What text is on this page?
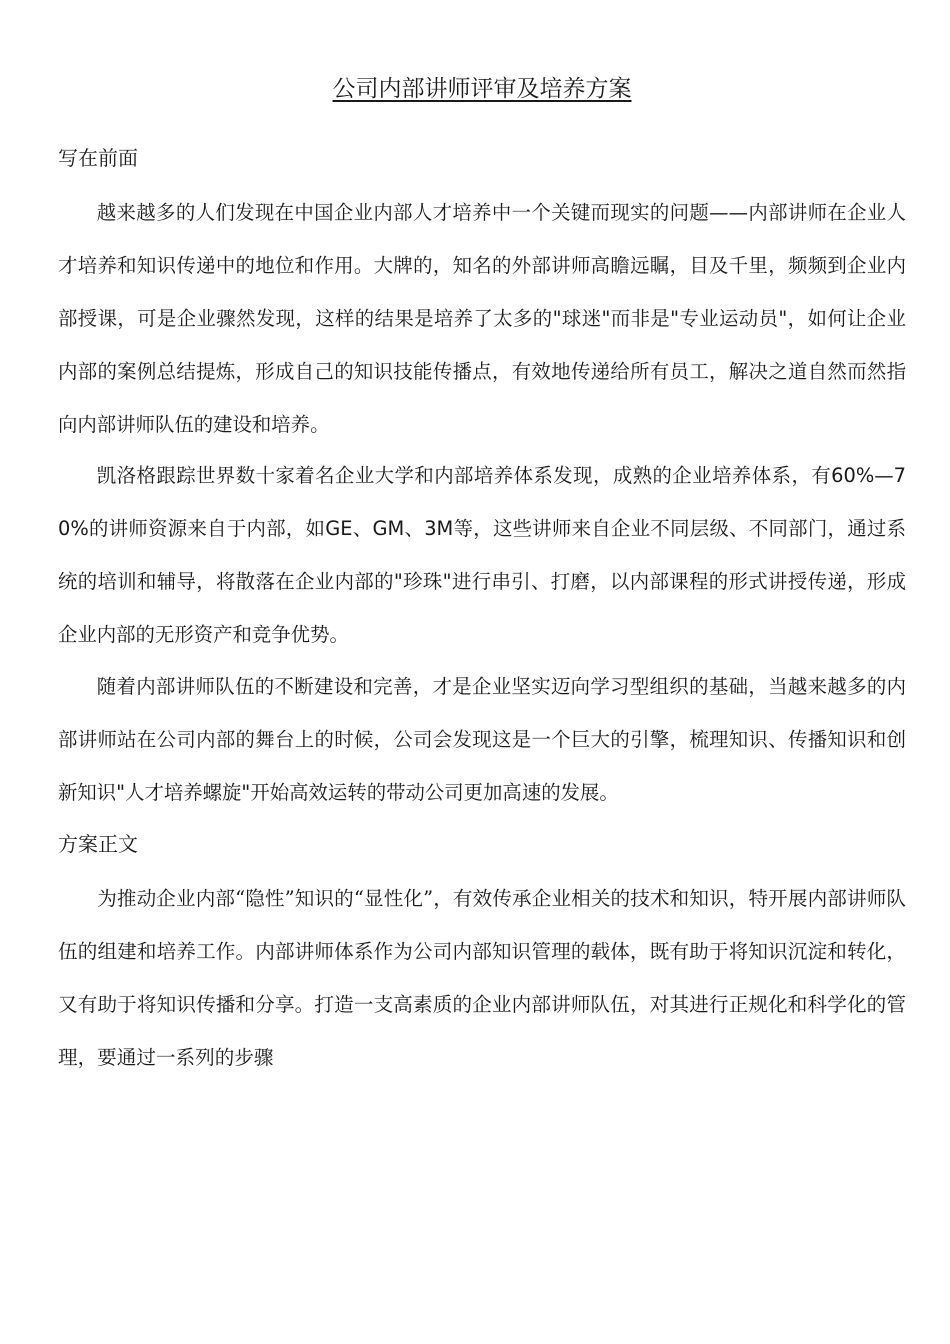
公司内部讲师评审及培养方案
写在前面

越来越多的人们发现在中国企业内部人才培养中一个关键而现实的问题——内部讲师在企业人才培养和知识传递中的地位和作用。大牌的，知名的外部讲师高瞻远瞩，目及千里，频频到企业内部授课，可是企业骤然发现，这样的结果是培养了太多的"球迷"而非是"专业运动员"，如何让企业内部的案例总结提炼，形成自己的知识技能传播点，有效地传递给所有员工，解决之道自然而然指向内部讲师队伍的建设和培养。

凯洛格跟踪世界数十家着名企业大学和内部培养体系发现，成熟的企业培养体系，有60%—70%的讲师资源来自于内部，如GE、GM、3M等，这些讲师来自企业不同层级、不同部门，通过系统的培训和辅导，将散落在企业内部的"珍珠"进行串引、打磨，以内部课程的形式讲授传递，形成企业内部的无形资产和竞争优势。

随着内部讲师队伍的不断建设和完善，才是企业坚实迈向学习型组织的基础，当越来越多的内部讲师站在公司内部的舞台上的时候，公司会发现这是一个巨大的引擎，梳理知识、传播知识和创新知识"人才培养螺旋"开始高效运转的带动公司更加高速的发展。

方案正文

为推动企业内部“隐性”知识的“显性化”，有效传承企业相关的技术和知识，特开展内部讲师队伍的组建和培养工作。内部讲师体系作为公司内部知识管理的载体，既有助于将知识沉淀和转化，又有助于将知识传播和分享。打造一支高素质的企业内部讲师队伍，对其进行正规化和科学化的管理，要通过一系列的步骤
